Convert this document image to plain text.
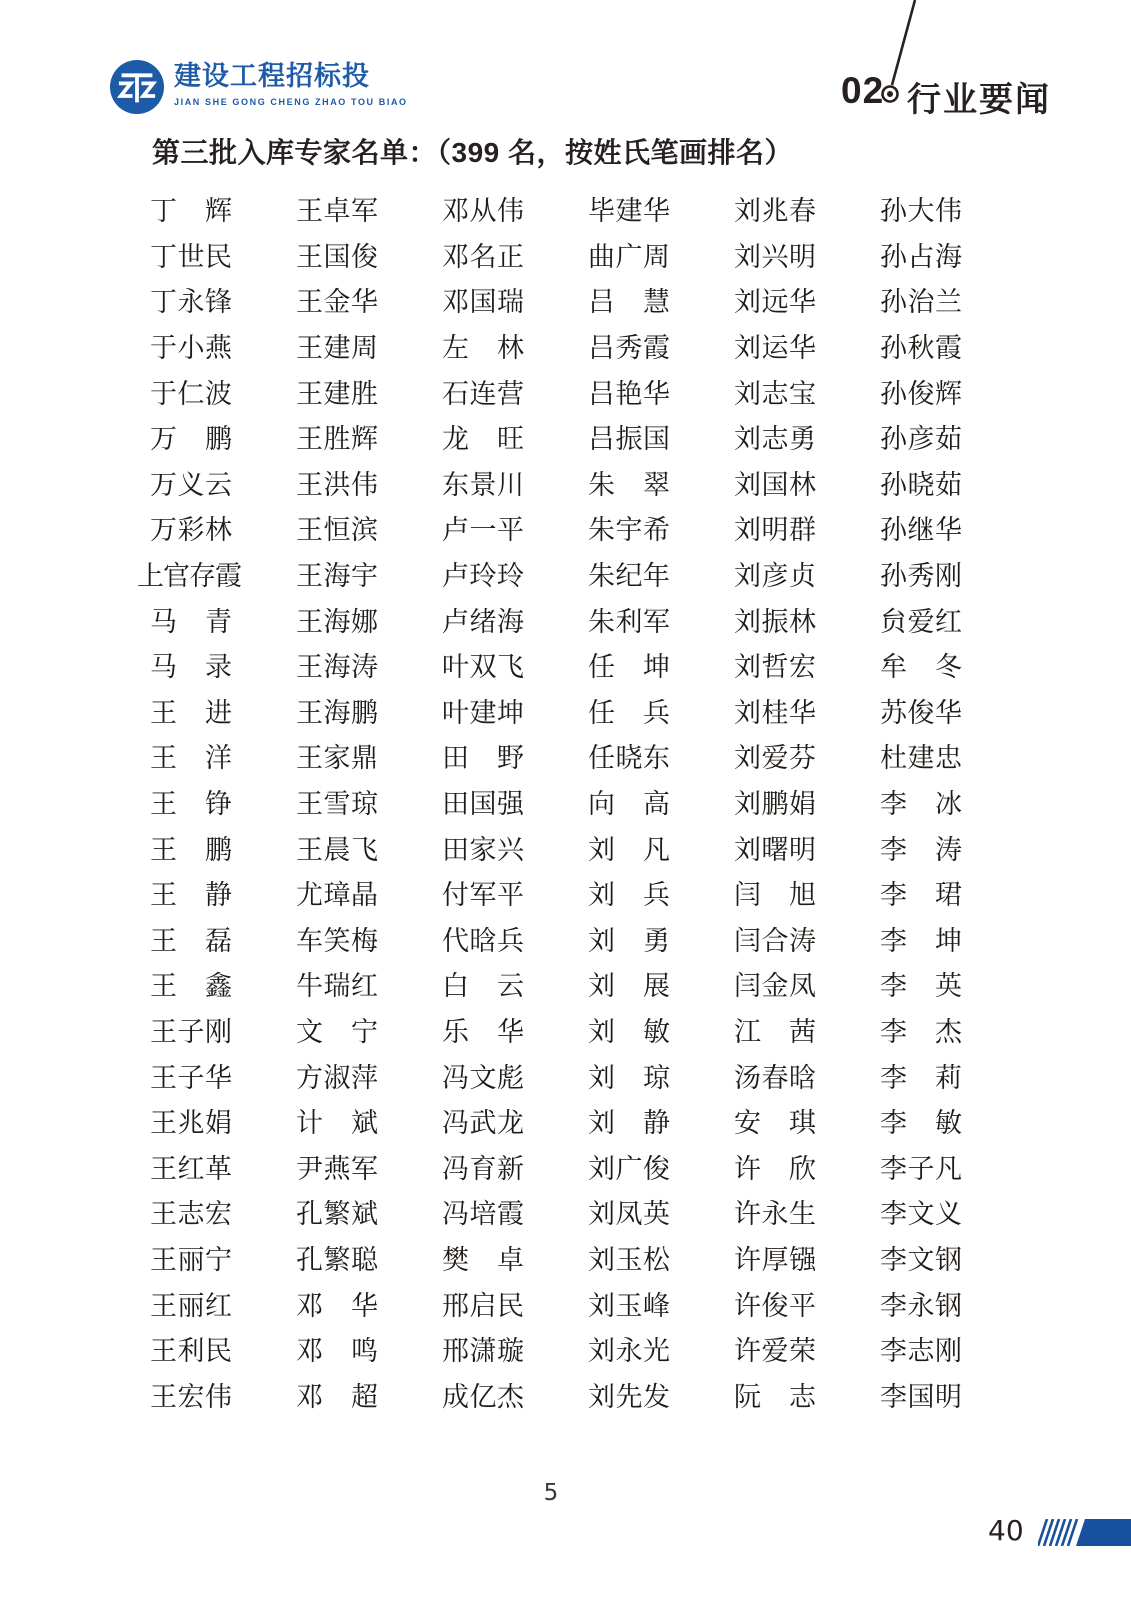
建设工程招标投
JIAN SHE GONG CHENG ZHAO TOU BIAO	02 行业要闻
第三批入库专家名单：（399 名，按姓氏笔画排名）
丁 辉 王 卓 军 邓 从 伟 毕 建 华 刘 兆 春 孙 大 伟
丁 世 民 王 国 俊 邓 名 正 曲 广 周 刘 兴 明 孙 占 海
丁 永 锋 王 金 华 邓 国 瑞 吕 慧 刘 远 华 孙 治 兰
于 小 燕 王 建 周 左 林 吕 秀 霞 刘 运 华 孙 秋 霞
于 仁 波 王 建 胜 石 连 营 吕 艳 华 刘 志 宝 孙 俊 辉
万 鹏 王 胜 辉 龙 旺 吕 振 国 刘 志 勇 孙 彦 茹
万 义 云 王 洪 伟 东 景 川 朱 翠 刘 国 林 孙 晓 茹
万 彩 林 王 恒 滨 卢 一 平 朱 宇 希 刘 明 群 孙 继 华
上 官 存 霞 王 海 宇 卢 玲 玲 朱 纪 年 刘 彦 贞 孙 秀 刚
马 青 王 海 娜 卢 绪 海 朱 利 军 刘 振 林 贠 爱 红
马 录 王 海 涛 叶 双 飞 任 坤 刘 哲 宏 牟 冬
王 进 王 海 鹏 叶 建 坤 任 兵 刘 桂 华 苏 俊 华
王 洋 王 家 鼎 田 野 任 晓 东 刘 爱 芬 杜 建 忠
王 铮 王 雪 琼 田 国 强 向 高 刘 鹏 娟 李 冰
王 鹏 王 晨 飞 田 家 兴 刘 凡 刘 曙 明 李 涛
王 静 尤 璋 晶 付 军 平 刘 兵 闫 旭 李 珺
王 磊 车 笑 梅 代 晗 兵 刘 勇 闫 合 涛 李 坤
王 鑫 牛 瑞 红 白 云 刘 展 闫 金 凤 李 英
王 子 刚 文 宁 乐 华 刘 敏 江 茜 李 杰
王 子 华 方 淑 萍 冯 文 彪 刘 琼 汤 春 晗 李 莉
王 兆 娟 计 斌 冯 武 龙 刘 静 安 琪 李 敏
王 红 革 尹 燕 军 冯 育 新 刘 广 俊 许 欣 李 子 凡
王 志 宏 孔 繁 斌 冯 培 霞 刘 凤 英 许 永 生 李 文 义
王 丽 宁 孔 繁 聪 樊 卓 刘 玉 松 许 厚 镪 李 文 钢
王 丽 红 邓 华 邢 启 民 刘 玉 峰 许 俊 平 李 永 钢
王 利 民 邓 鸣 邢 潇 璇 刘 永 光 许 爱 荣 李 志 刚
王 宏 伟 邓 超 成 亿 杰 刘 先 发 阮 志 李 国 明
5
40
